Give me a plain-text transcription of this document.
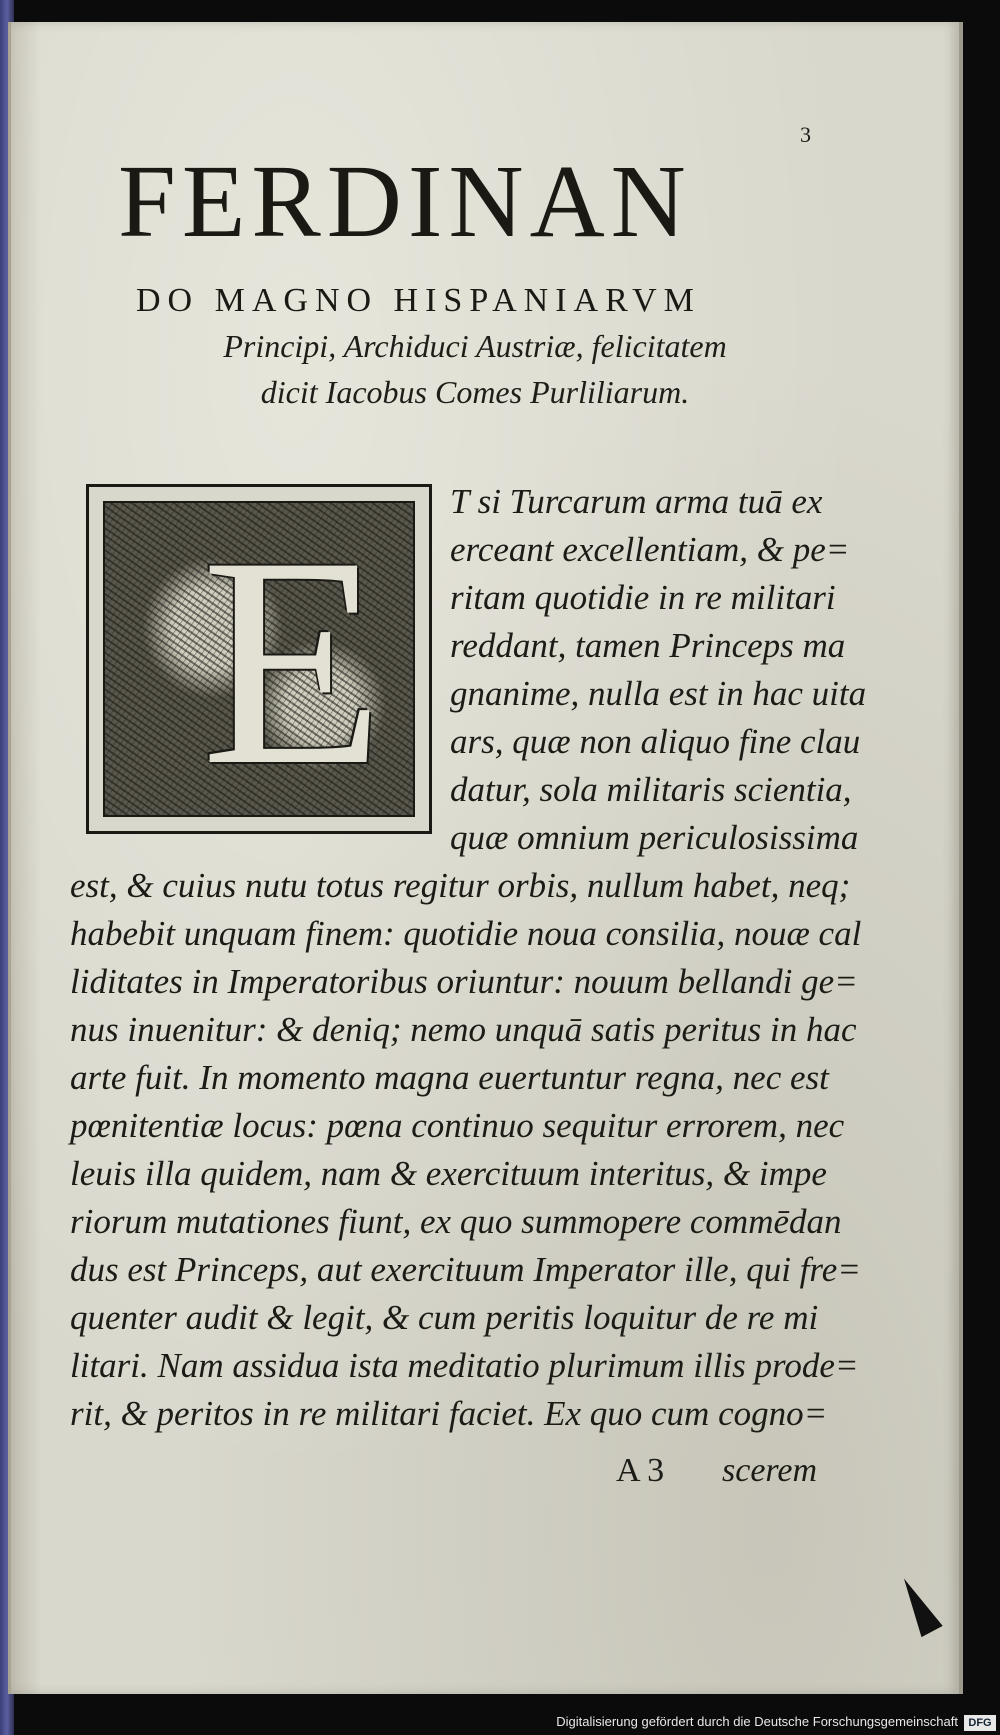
3
FERDINAN
DO MAGNO HISPANIARVM
Principi, Archiduci Austriæ, felicitatem
dicit Iacobus Comes Purliliarum.
E T si Turcarum arma tuā ex
erceant excellentiam, & pe=
ritam quotidie in re militari
reddant, tamen Princeps ma
gnanime, nulla est in hac uita
ars, quæ non aliquo fine clau
datur, sola militaris scientia,
quæ omnium periculosissima
est, & cuius nutu totus regitur orbis, nullum habet, neq;
habebit unquam finem: quotidie noua consilia, nouæ cal
liditates in Imperatoribus oriuntur: nouum bellandi ge=
nus inuenitur: & deniq; nemo unquā satis peritus in hac
arte fuit. In momento magna euertuntur regna, nec est
pœnitentiæ locus: pœna continuo sequitur errorem, nec
leuis illa quidem, nam & exercituum interitus, & impe
riorum mutationes fiunt, ex quo summopere commēdan
dus est Princeps, aut exercituum Imperator ille, qui fre=
quenter audit & legit, & cum peritis loquitur de re mi
litari. Nam assidua ista meditatio plurimum illis prode=
rit, & peritos in re militari faciet. Ex quo cum cogno=
A 3 scerem
Digitalisierung gefördert durch die Deutsche Forschungsgemeinschaft DFG
